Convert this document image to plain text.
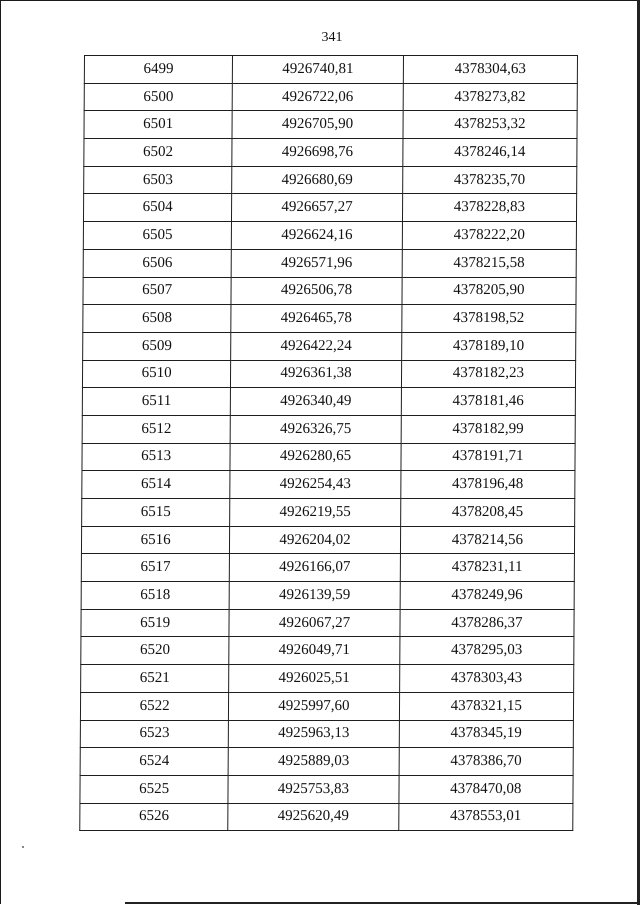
341
6499	4926740,81	4378304,63
6500	4926722,06	4378273,82
6501	4926705,90	4378253,32
6502	4926698,76	4378246,14
6503	4926680,69	4378235,70
6504	4926657,27	4378228,83
6505	4926624,16	4378222,20
6506	4926571,96	4378215,58
6507	4926506,78	4378205,90
6508	4926465,78	4378198,52
6509	4926422,24	4378189,10
6510	4926361,38	4378182,23
6511	4926340,49	4378181,46
6512	4926326,75	4378182,99
6513	4926280,65	4378191,71
6514	4926254,43	4378196,48
6515	4926219,55	4378208,45
6516	4926204,02	4378214,56
6517	4926166,07	4378231,11
6518	4926139,59	4378249,96
6519	4926067,27	4378286,37
6520	4926049,71	4378295,03
6521	4926025,51	4378303,43
6522	4925997,60	4378321,15
6523	4925963,13	4378345,19
6524	4925889,03	4378386,70
6525	4925753,83	4378470,08
6526	4925620,49	4378553,01
